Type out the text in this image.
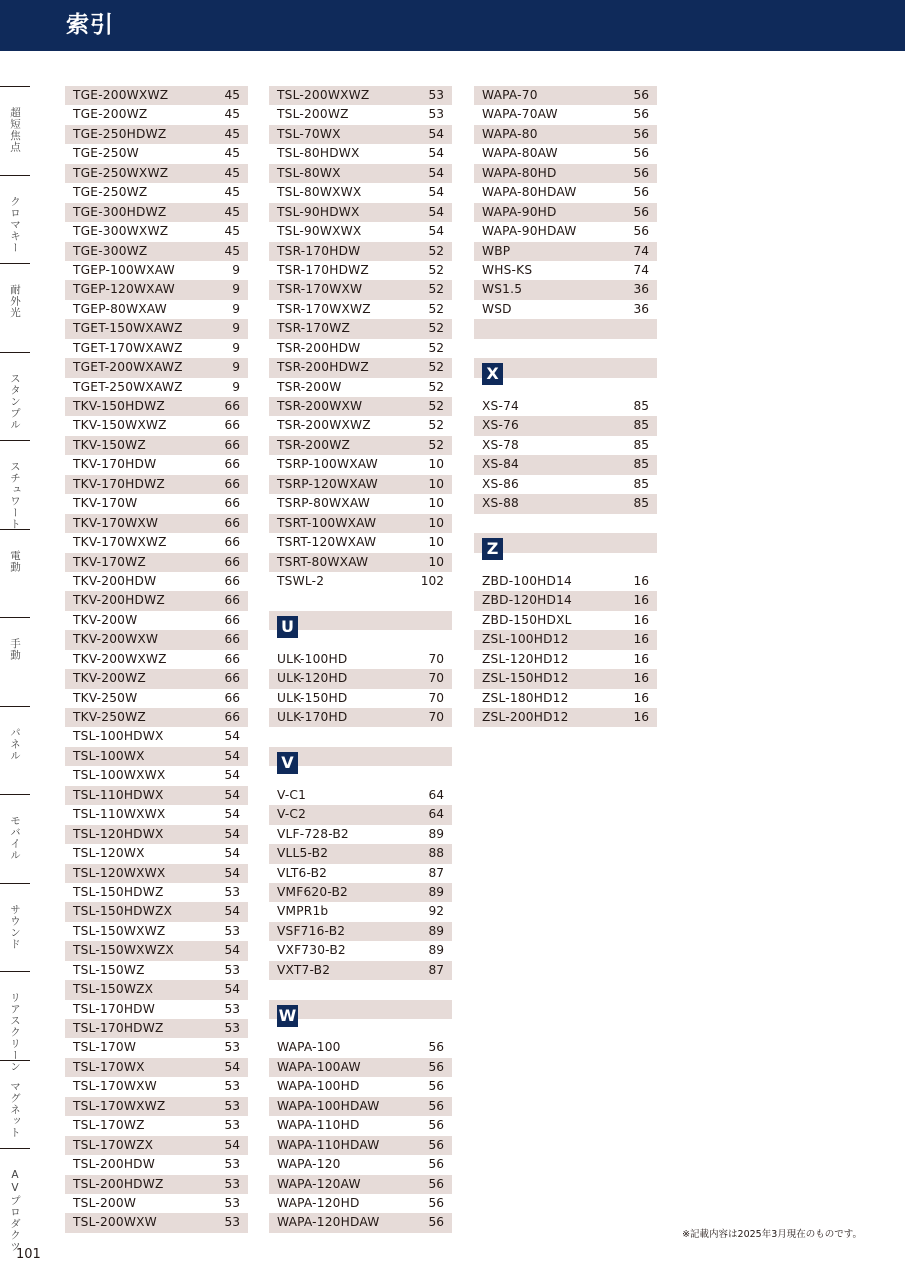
索引
超短焦点
クロマキー
耐外光
スタンプル
スチュワート
電動
手動
パネル
モバイル
サウンド
リアスクリーン
マグネット
AVプロダクツ
TGE-200WXWZ	45
TGE-200WZ	45
TGE-250HDWZ	45
TGE-250W	45
TGE-250WXWZ	45
TGE-250WZ	45
TGE-300HDWZ	45
TGE-300WXWZ	45
TGE-300WZ	45
TGEP-100WXAW	9
TGEP-120WXAW	9
TGEP-80WXAW	9
TGET-150WXAWZ	9
TGET-170WXAWZ	9
TGET-200WXAWZ	9
TGET-250WXAWZ	9
TKV-150HDWZ	66
TKV-150WXWZ	66
TKV-150WZ	66
TKV-170HDW	66
TKV-170HDWZ	66
TKV-170W	66
TKV-170WXW	66
TKV-170WXWZ	66
TKV-170WZ	66
TKV-200HDW	66
TKV-200HDWZ	66
TKV-200W	66
TKV-200WXW	66
TKV-200WXWZ	66
TKV-200WZ	66
TKV-250W	66
TKV-250WZ	66
TSL-100HDWX	54
TSL-100WX	54
TSL-100WXWX	54
TSL-110HDWX	54
TSL-110WXWX	54
TSL-120HDWX	54
TSL-120WX	54
TSL-120WXWX	54
TSL-150HDWZ	53
TSL-150HDWZX	54
TSL-150WXWZ	53
TSL-150WXWZX	54
TSL-150WZ	53
TSL-150WZX	54
TSL-170HDW	53
TSL-170HDWZ	53
TSL-170W	53
TSL-170WX	54
TSL-170WXW	53
TSL-170WXWZ	53
TSL-170WZ	53
TSL-170WZX	54
TSL-200HDW	53
TSL-200HDWZ	53
TSL-200W	53
TSL-200WXW	53
TSL-200WXWZ	53
TSL-200WZ	53
TSL-70WX	54
TSL-80HDWX	54
TSL-80WX	54
TSL-80WXWX	54
TSL-90HDWX	54
TSL-90WXWX	54
TSR-170HDW	52
TSR-170HDWZ	52
TSR-170WXW	52
TSR-170WXWZ	52
TSR-170WZ	52
TSR-200HDW	52
TSR-200HDWZ	52
TSR-200W	52
TSR-200WXW	52
TSR-200WXWZ	52
TSR-200WZ	52
TSRP-100WXAW	10
TSRP-120WXAW	10
TSRP-80WXAW	10
TSRT-100WXAW	10
TSRT-120WXAW	10
TSRT-80WXAW	10
TSWL-2	102
U
ULK-100HD	70
ULK-120HD	70
ULK-150HD	70
ULK-170HD	70
V
V-C1	64
V-C2	64
VLF-728-B2	89
VLL5-B2	88
VLT6-B2	87
VMF620-B2	89
VMPR1b	92
VSF716-B2	89
VXF730-B2	89
VXT7-B2	87
W
WAPA-100	56
WAPA-100AW	56
WAPA-100HD	56
WAPA-100HDAW	56
WAPA-110HD	56
WAPA-110HDAW	56
WAPA-120	56
WAPA-120AW	56
WAPA-120HD	56
WAPA-120HDAW	56
WAPA-70	56
WAPA-70AW	56
WAPA-80	56
WAPA-80AW	56
WAPA-80HD	56
WAPA-80HDAW	56
WAPA-90HD	56
WAPA-90HDAW	56
WBP	74
WHS-KS	74
WS1.5	36
WSD	36
X
XS-74	85
XS-76	85
XS-78	85
XS-84	85
XS-86	85
XS-88	85
Z
ZBD-100HD14	16
ZBD-120HD14	16
ZBD-150HDXL	16
ZSL-100HD12	16
ZSL-120HD12	16
ZSL-150HD12	16
ZSL-180HD12	16
ZSL-200HD12	16
101
※記載内容は2025年3月現在のものです。
